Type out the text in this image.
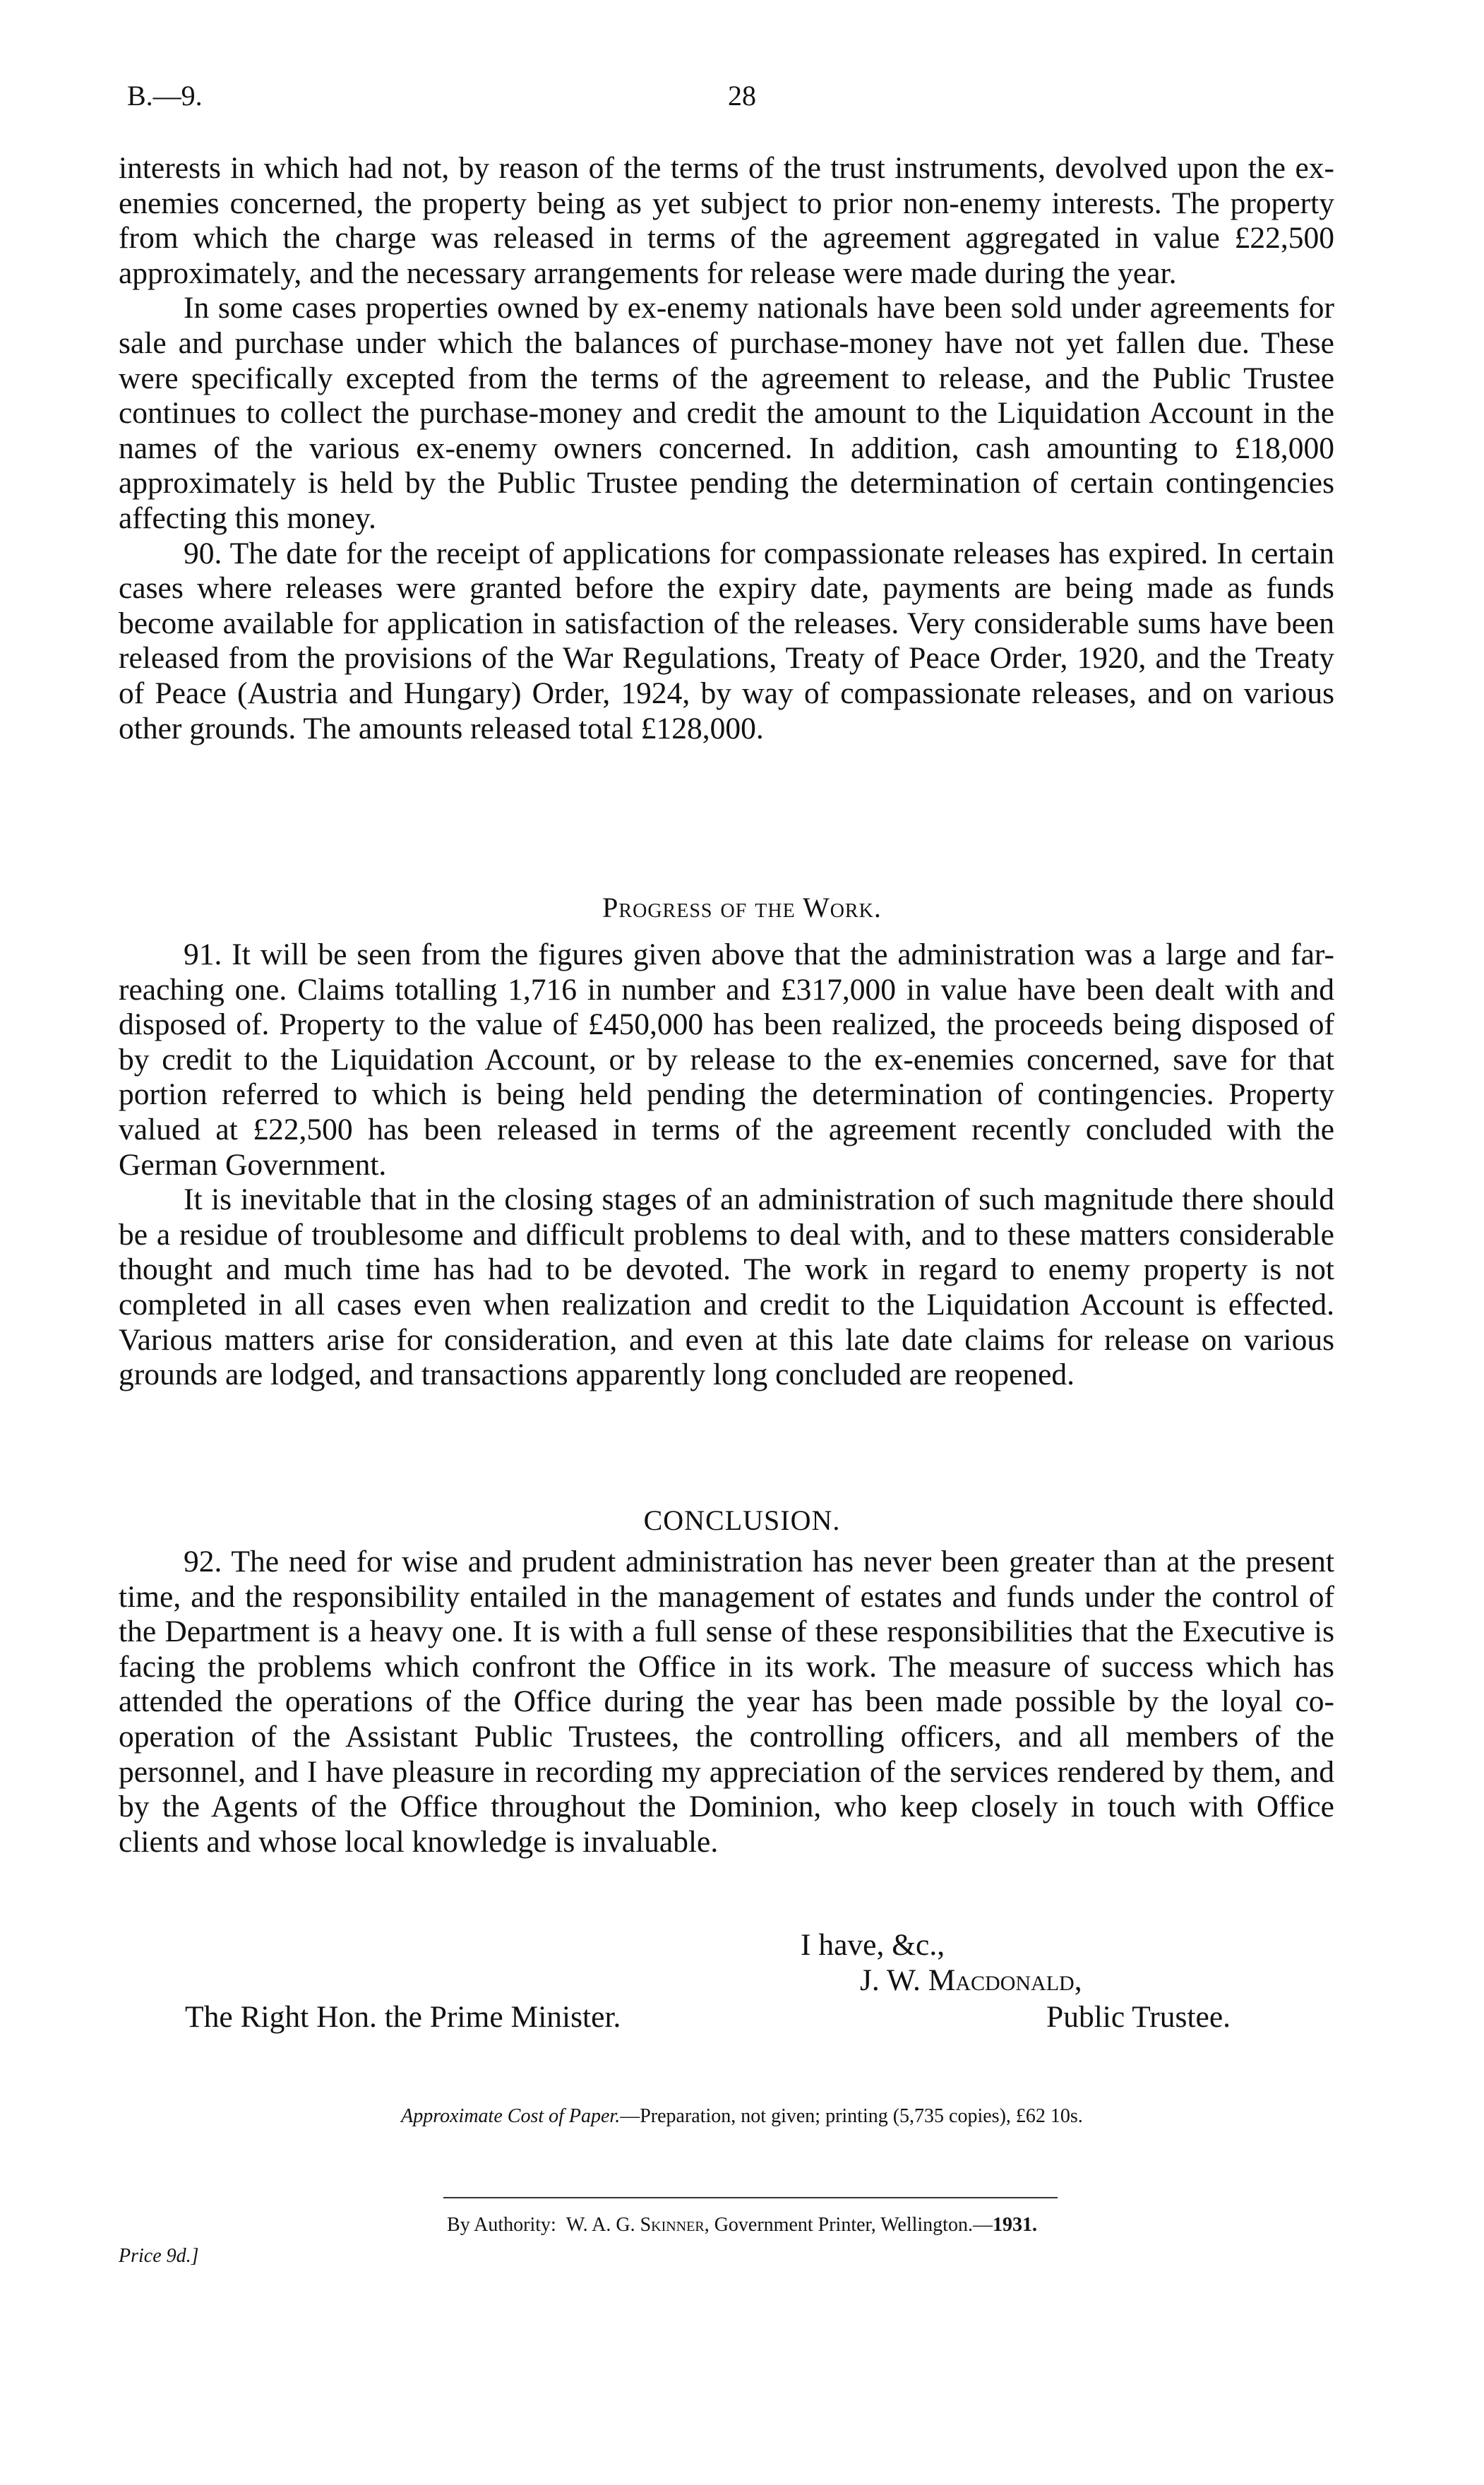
B.—9.	28

interests in which had not, by reason of the terms of the trust instruments, devolved upon the ex-enemies concerned, the property being as yet subject to prior non-enemy interests. The property from which the charge was released in terms of the agreement aggregated in value £22,500 approximately, and the necessary arrangements for release were made during the year.

In some cases properties owned by ex-enemy nationals have been sold under agreements for sale and purchase under which the balances of purchase-money have not yet fallen due. These were specifically excepted from the terms of the agreement to release, and the Public Trustee continues to collect the purchase-money and credit the amount to the Liquidation Account in the names of the various ex-enemy owners concerned. In addition, cash amounting to £18,000 approximately is held by the Public Trustee pending the determination of certain contingencies affecting this money.

90. The date for the receipt of applications for compassionate releases has expired. In certain cases where releases were granted before the expiry date, payments are being made as funds become available for application in satisfaction of the releases. Very considerable sums have been released from the provisions of the War Regulations, Treaty of Peace Order, 1920, and the Treaty of Peace (Austria and Hungary) Order, 1924, by way of compassionate releases, and on various other grounds. The amounts released total £128,000.

Progress of the Work.

91. It will be seen from the figures given above that the administration was a large and far-reaching one. Claims totalling 1,716 in number and £317,000 in value have been dealt with and disposed of. Property to the value of £450,000 has been realized, the proceeds being disposed of by credit to the Liquidation Account, or by release to the ex-enemies concerned, save for that portion referred to which is being held pending the determination of contingencies. Property valued at £22,500 has been released in terms of the agreement recently concluded with the German Government.

It is inevitable that in the closing stages of an administration of such magnitude there should be a residue of troublesome and difficult problems to deal with, and to these matters considerable thought and much time has had to be devoted. The work in regard to enemy property is not completed in all cases even when realization and credit to the Liquidation Account is effected. Various matters arise for consideration, and even at this late date claims for release on various grounds are lodged, and transactions apparently long concluded are reopened.

CONCLUSION.

92. The need for wise and prudent administration has never been greater than at the present time, and the responsibility entailed in the management of estates and funds under the control of the Department is a heavy one. It is with a full sense of these responsibilities that the Executive is facing the problems which confront the Office in its work. The measure of success which has attended the operations of the Office during the year has been made possible by the loyal co-operation of the Assistant Public Trustees, the controlling officers, and all members of the personnel, and I have pleasure in recording my appreciation of the services rendered by them, and by the Agents of the Office throughout the Dominion, who keep closely in touch with Office clients and whose local knowledge is invaluable.

I have, &c.,
J. W. Macdonald,
The Right Hon. the Prime Minister.	Public Trustee.
Approximate Cost of Paper.—Preparation, not given; printing (5,735 copies), £62 10s.
By Authority: W. A. G. Skinner, Government Printer, Wellington.—1931.
Price 9d.]
